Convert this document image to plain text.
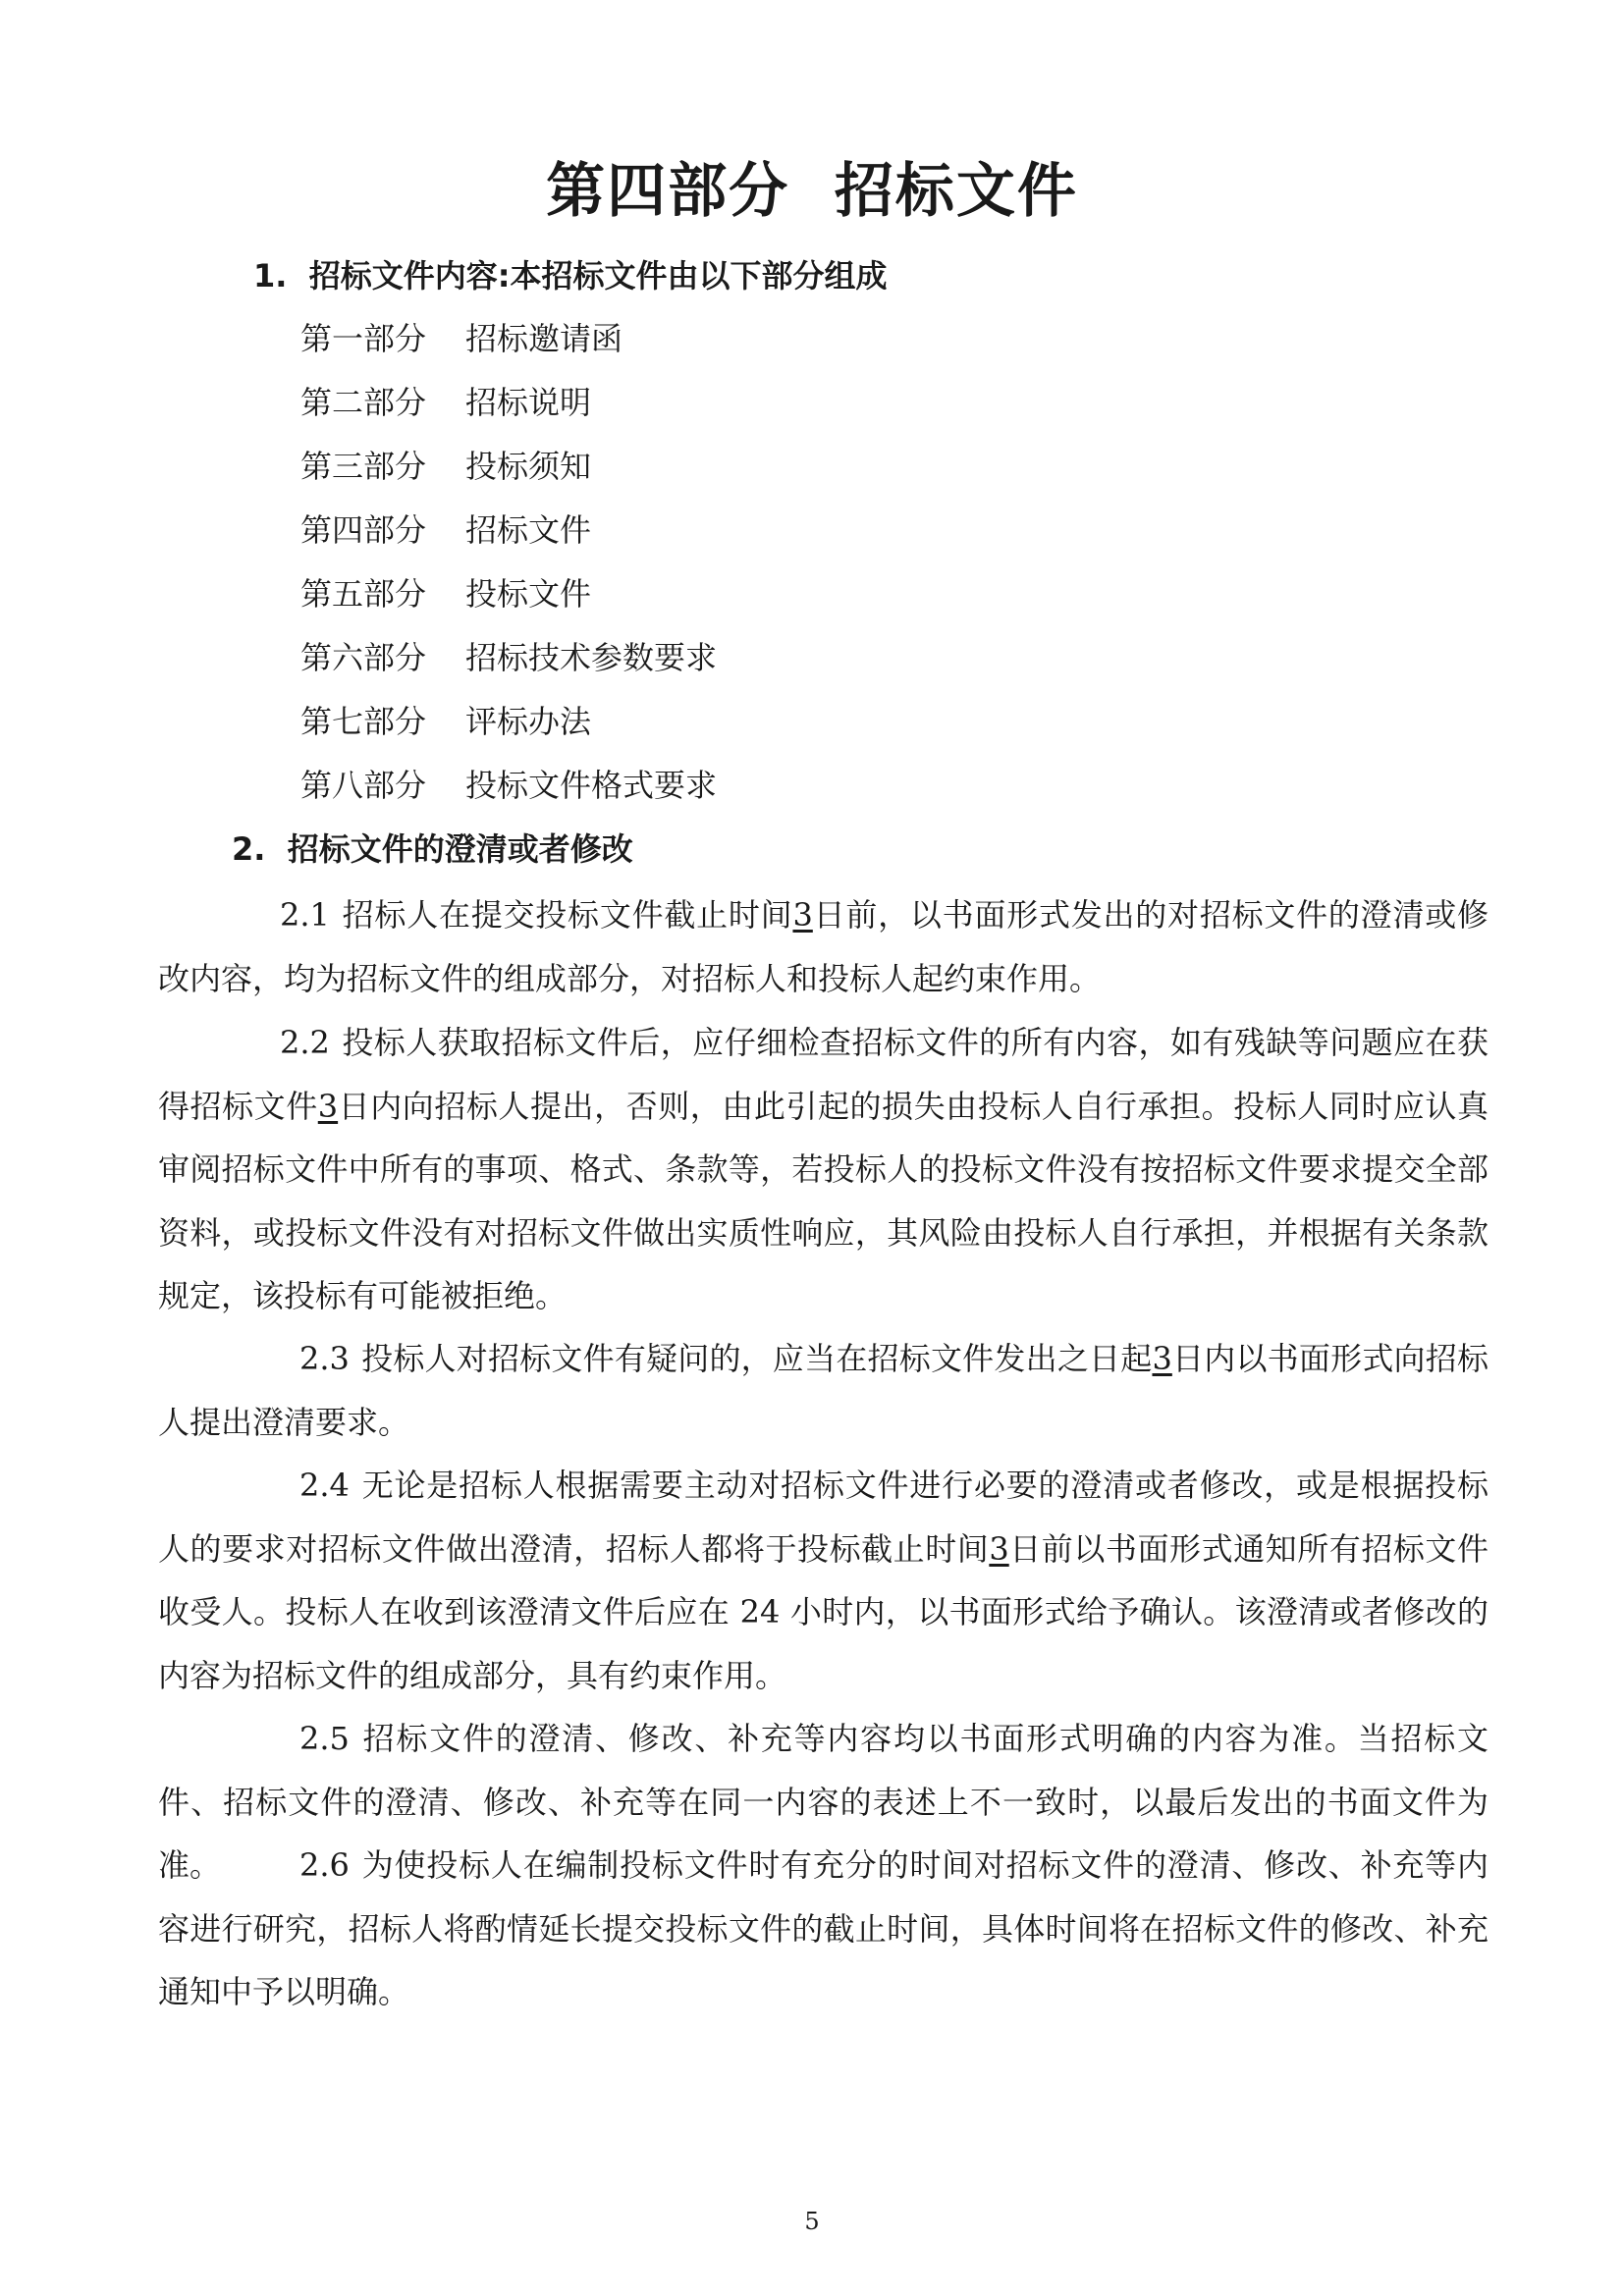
第四部分  招标文件
1.  招标文件内容:本招标文件由以下部分组成
第一部分 招标邀请函
第二部分 招标说明
第三部分 投标须知
第四部分 招标文件
第五部分 投标文件
第六部分 招标技术参数要求
第七部分 评标办法
第八部分 投标文件格式要求
2.  招标文件的澄清或者修改

2.1 招标人在提交投标文件截止时间3日前，以书面形式发出的对招标文件的澄清或修改内容，均为招标文件的组成部分，对招标人和投标人起约束作用。

2.2 投标人获取招标文件后，应仔细检查招标文件的所有内容，如有残缺等问题应在获得招标文件3日内向招标人提出，否则，由此引起的损失由投标人自行承担。投标人同时应认真审阅招标文件中所有的事项、格式、条款等，若投标人的投标文件没有按招标文件要求提交全部资料，或投标文件没有对招标文件做出实质性响应，其风险由投标人自行承担，并根据有关条款规定，该投标有可能被拒绝。

2.3 投标人对招标文件有疑问的，应当在招标文件发出之日起3日内以书面形式向招标人提出澄清要求。

2.4 无论是招标人根据需要主动对招标文件进行必要的澄清或者修改，或是根据投标人的要求对招标文件做出澄清，招标人都将于投标截止时间3日前以书面形式通知所有招标文件收受人。投标人在收到该澄清文件后应在 24 小时内，以书面形式给予确认。该澄清或者修改的内容为招标文件的组成部分，具有约束作用。

2.5 招标文件的澄清、修改、补充等内容均以书面形式明确的内容为准。当招标文件、招标文件的澄清、修改、补充等在同一内容的表述上不一致时，以最后发出的书面文件为准。	2.6 为使投标人在编制投标文件时有充分的时间对招标文件的澄清、修改、补充等内容进行研究，招标人将酌情延长提交投标文件的截止时间，具体时间将在招标文件的修改、补充通知中予以明确。

5
